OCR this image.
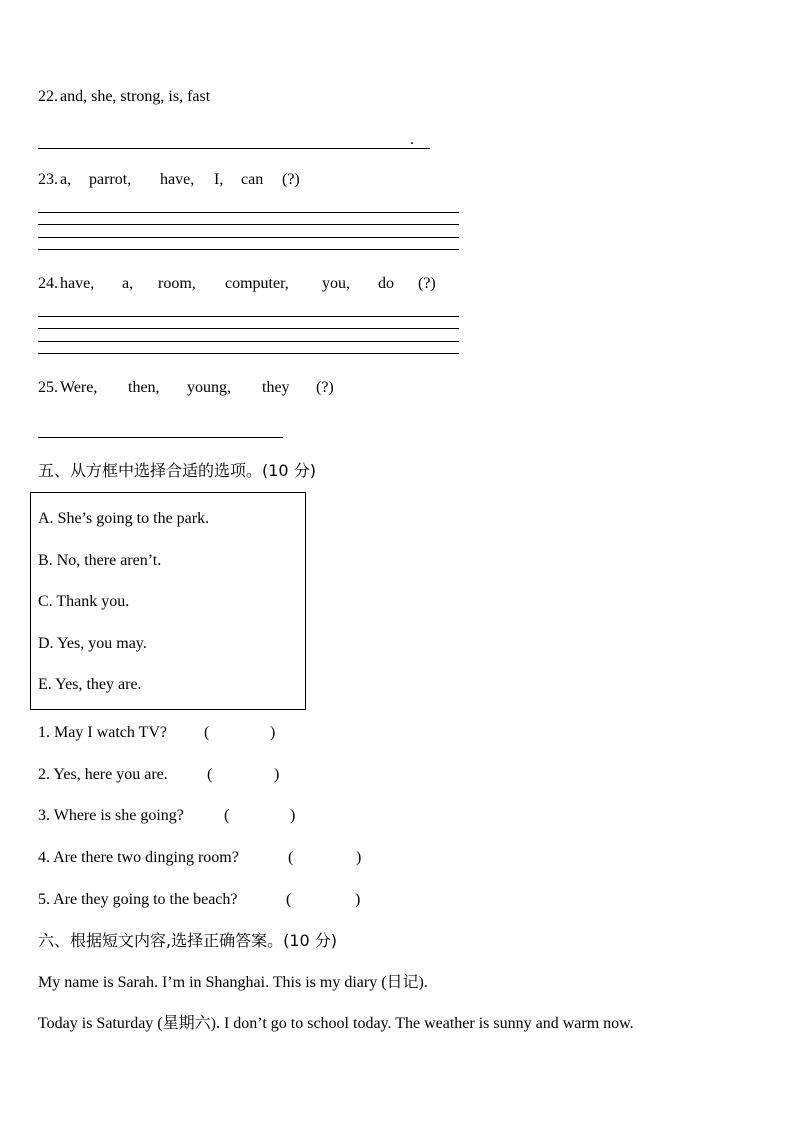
22. and, she, strong, is, fast
.
23. a, parrot, have, I, can (?)
24. have, a, room, computer, you, do (?)
25. Were, then, young, they (?)
五、从方框中选择合适的选项。(10 分)
A. She’s going to the park.
B. No, there aren’t.
C. Thank you.
D. Yes, you may.
E. Yes, they are.
1. May I watch TV? (	)
2. Yes, here you are. (	)
3. Where is she going?	(	)
4. Are there two dinging room?	(	)
5. Are they going to the beach?	(	)
六、根据短文内容,选择正确答案。(10 分)
My name is Sarah. I’m in Shanghai. This is my diary (日记).
Today is Saturday (星期六). I don’t go to school today. The weather is sunny and warm now.
